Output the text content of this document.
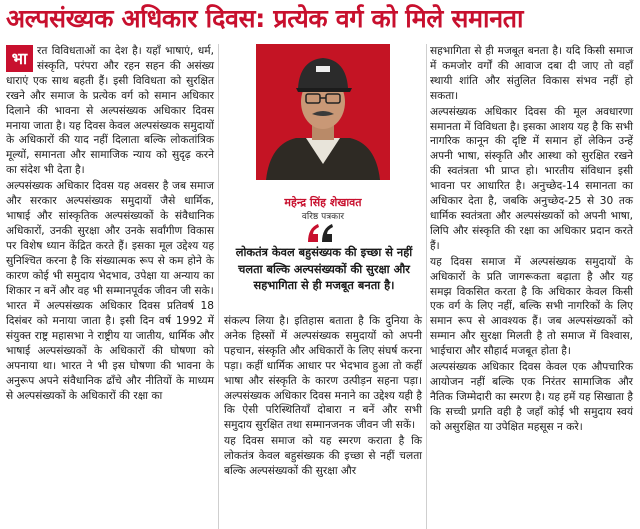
अल्पसंख्यक अधिकार दिवस: प्रत्येक वर्ग को मिले समानता
भा रत विविधताओं का देश है। यहाँ भाषाएं, धर्म, संस्कृति, परंपरा और रहन सहन की असंख्य धाराएं एक साथ बहती हैं। इसी विविधता को सुरक्षित रखने और समाज के प्रत्येक वर्ग को समान अधिकार दिलाने की भावना से अल्पसंख्यक अधिकार दिवस मनाया जाता है। यह दिवस केवल अल्पसंख्यक समुदायों के अधिकारों की याद नहीं दिलाता बल्कि लोकतांत्रिक मूल्यों, समानता और सामाजिक न्याय को सुदृढ़ करने का संदेश भी देता है।

अल्पसंख्यक अधिकार दिवस यह अवसर है जब समाज और सरकार अल्पसंख्यक समुदायों जैसे धार्मिक, भाषाई और सांस्कृतिक अल्पसंख्यकों के संवैधानिक अधिकारों, उनकी सुरक्षा और उनके सर्वांगीण विकास पर विशेष ध्यान केंद्रित करते हैं। इसका मूल उद्देश्य यह सुनिश्चित करना है कि संख्यात्मक रूप से कम होने के कारण कोई भी समुदाय भेदभाव, उपेक्षा या अन्याय का शिकार न बनें और वह भी सम्मानपूर्वक जीवन जी सके।

भारत में अल्पसंख्यक अधिकार दिवस प्रतिवर्ष 18 दिसंबर को मनाया जाता है। इसी दिन वर्ष 1992 में संयुक्त राष्ट्र महासभा ने राष्ट्रीय या जातीय, धार्मिक और भाषाई अल्पसंख्यकों के अधिकारों की घोषणा को अपनाया था। भारत ने भी इस घोषणा की भावना के अनुरूप अपने संवैधानिक ढाँचे और नीतियों के माध्यम से अल्पसंख्यकों के अधिकारों की रक्षा का

महेन्द्र सिंह शेखावत
वरिष्ठ पत्रकार
लोकतंत्र केवल बहुसंख्यक की इच्छा से नहीं चलता बल्कि अल्पसंख्यकों की सुरक्षा और सहभागिता से ही मजबूत बनता है।

संकल्प लिया है। इतिहास बताता है कि दुनिया के अनेक हिस्सों में अल्पसंख्यक समुदायों को अपनी पहचान, संस्कृति और अधिकारों के लिए संघर्ष करना पड़ा। कहीं धार्मिक आधार पर भेदभाव हुआ तो कहीं भाषा और संस्कृति के कारण उत्पीड़न सहना पड़ा। अल्पसंख्यक अधिकार दिवस मनाने का उद्देश्य यही है कि ऐसी परिस्थितियाँ दोबारा न बनें और सभी समुदाय सुरक्षित तथा सम्मानजनक जीवन जी सकें।

यह दिवस समाज को यह स्मरण कराता है कि लोकतंत्र केवल बहुसंख्यक की इच्छा से नहीं चलता बल्कि अल्पसंख्यकों की सुरक्षा और

सहभागिता से ही मजबूत बनता है। यदि किसी समाज में कमजोर वर्गों की आवाज दबा दी जाए तो वहाँ स्थायी शांति और संतुलित विकास संभव नहीं हो सकता।

अल्पसंख्यक अधिकार दिवस की मूल अवधारणा समानता में विविधता है। इसका आशय यह है कि सभी नागरिक कानून की दृष्टि में समान हों लेकिन उन्हें अपनी भाषा, संस्कृति और आस्था को सुरक्षित रखने की स्वतंत्रता भी प्राप्त हो। भारतीय संविधान इसी भावना पर आधारित है। अनुच्छेद-14 समानता का अधिकार देता है, जबकि अनुच्छेद-25 से 30 तक धार्मिक स्वतंत्रता और अल्पसंख्यकों को अपनी भाषा, लिपि और संस्कृति की रक्षा का अधिकार प्रदान करते हैं।

यह दिवस समाज में अल्पसंख्यक समुदायों के अधिकारों के प्रति जागरूकता बढ़ाता है और यह समझ विकसित करता है कि अधिकार केवल किसी एक वर्ग के लिए नहीं, बल्कि सभी नागरिकों के लिए समान रूप से आवश्यक हैं। जब अल्पसंख्यकों को सम्मान और सुरक्षा मिलती है तो समाज में विश्वास, भाईचारा और सौहार्द मजबूत होता है।

अल्पसंख्यक अधिकार दिवस केवल एक औपचारिक आयोजन नहीं बल्कि एक निरंतर सामाजिक और नैतिक जिम्मेदारी का स्मरण है। यह हमें यह सिखाता है कि सच्ची प्रगति वही है जहाँ कोई भी समुदाय स्वयं को असुरक्षित या उपेक्षित महसूस न करे।
